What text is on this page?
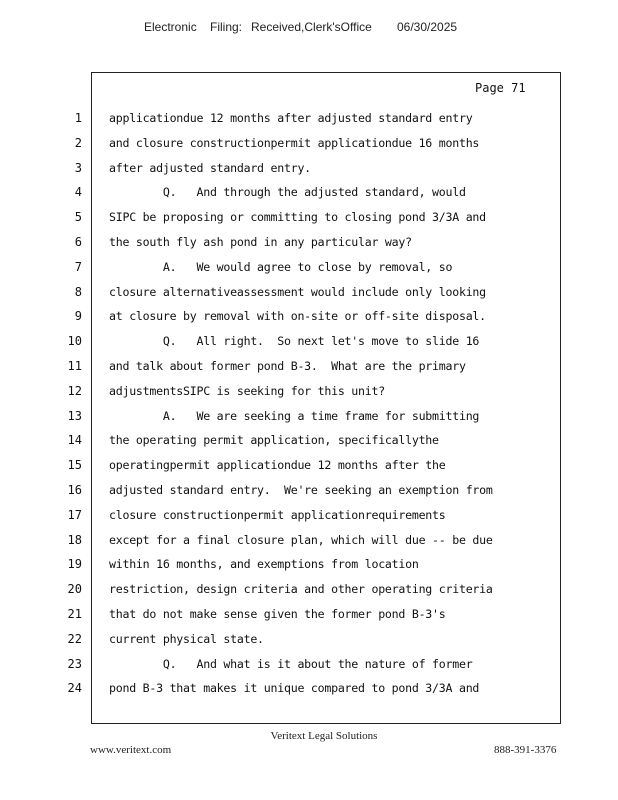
Electronic Filing: Received,Clerk'sOffice 06/30/2025
Page 71
1 applicationdue 12 months after adjusted standard entry
2 and closure constructionpermit applicationdue 16 months
3 after adjusted standard entry.
4 Q.   And through the adjusted standard, would
5 SIPC be proposing or committing to closing pond 3/3A and
6 the south fly ash pond in any particular way?
7 A.   We would agree to close by removal, so
8 closure alternativeassessment would include only looking
9 at closure by removal with on-site or off-site disposal.
10 Q.   All right.  So next let's move to slide 16
11 and talk about former pond B-3.  What are the primary
12 adjustmentsSIPC is seeking for this unit?
13 A.   We are seeking a time frame for submitting
14 the operating permit application, specificallythe
15 operatingpermit applicationdue 12 months after the
16 adjusted standard entry.  We're seeking an exemption from
17 closure constructionpermit applicationrequirements
18 except for a final closure plan, which will due -- be due
19 within 16 months, and exemptions from location
20 restriction, design criteria and other operating criteria
21 that do not make sense given the former pond B-3's
22 current physical state.
23 Q.   And what is it about the nature of former
24 pond B-3 that makes it unique compared to pond 3/3A and
Veritext Legal Solutions
www.veritext.com	888-391-3376
